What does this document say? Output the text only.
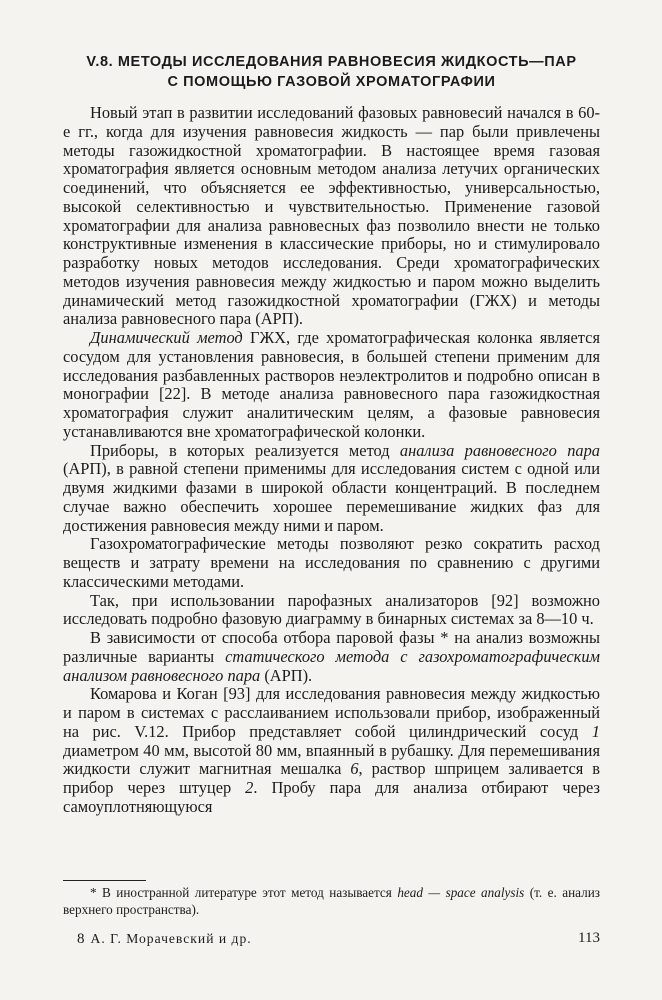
V.8. МЕТОДЫ ИССЛЕДОВАНИЯ РАВНОВЕСИЯ ЖИДКОСТЬ—ПАР
С ПОМОЩЬЮ ГАЗОВОЙ ХРОМАТОГРАФИИ

Новый этап в развитии исследований фазовых равновесий начался в 60-е гг., когда для изучения равновесия жидкость — пар были привлечены методы газожидкостной хроматографии. В настоящее время газовая хроматография является основным методом анализа летучих органических соединений, что объясняется ее эффективностью, универсальностью, высокой селективностью и чувствительностью. Применение газовой хроматографии для анализа равновесных фаз позволило внести не только конструктивные изменения в классические приборы, но и стимулировало разработку новых методов исследования. Среди хроматографических методов изучения равновесия между жидкостью и паром можно выделить динамический метод газожидкостной хроматографии (ГЖХ) и методы анализа равновесного пара (АРП).

Динамический метод ГЖХ, где хроматографическая колонка является сосудом для установления равновесия, в большей степени применим для исследования разбавленных растворов неэлектролитов и подробно описан в монографии [22]. В методе анализа равновесного пара газожидкостная хроматография служит аналитическим целям, а фазовые равновесия устанавливаются вне хроматографической колонки.

Приборы, в которых реализуется метод анализа равновесного пара (АРП), в равной степени применимы для исследования систем с одной или двумя жидкими фазами в широкой области концентраций. В последнем случае важно обеспечить хорошее перемешивание жидких фаз для достижения равновесия между ними и паром.

Газохроматографические методы позволяют резко сократить расход веществ и затрату времени на исследования по сравнению с другими классическими методами.

Так, при использовании парофазных анализаторов [92] возможно исследовать подробно фазовую диаграмму в бинарных системах за 8—10 ч.

В зависимости от способа отбора паровой фазы * на анализ возможны различные варианты статического метода с газохроматографическим анализом равновесного пара (АРП).

Комарова и Коган [93] для исследования равновесия между жидкостью и паром в системах с расслаиванием использовали прибор, изображенный на рис. V.12. Прибор представляет собой цилиндрический сосуд 1 диаметром 40 мм, высотой 80 мм, впаянный в рубашку. Для перемешивания жидкости служит магнитная мешалка 6, раствор шприцем заливается в прибор через штуцер 2. Пробу пара для анализа отбирают через самоуплотняющуюся

* В иностранной литературе этот метод называется head — space analysis (т. е. анализ верхнего пространства).

8 А. Г. Морачевский и др.	113
